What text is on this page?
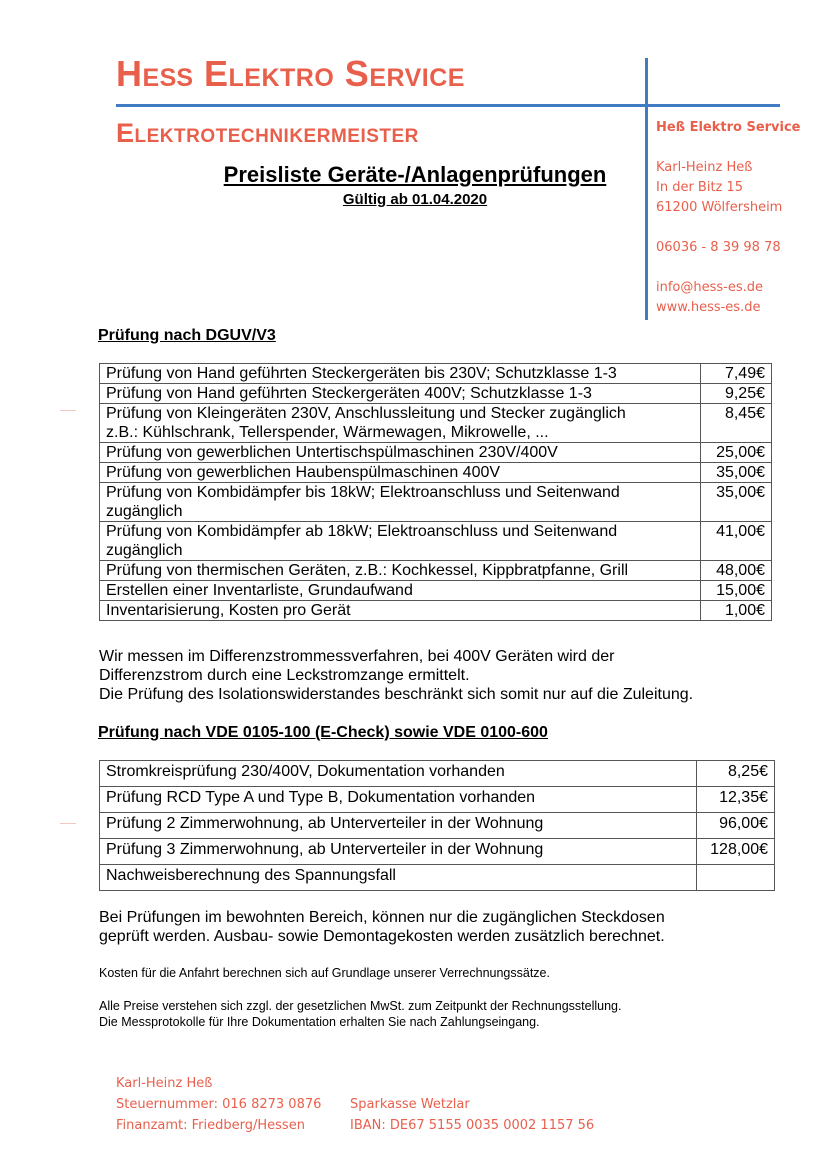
Heß Elektro Service
Elektrotechnikermeister	Heß Elektro Service
Karl-Heinz Heß
In der Bitz 15
61200 Wölfersheim
06036 - 8 39 98 78
info@hess-es.de
www.hess-es.de
Preisliste Geräte-/Anlagenprüfungen
Gültig ab 01.04.2020
Prüfung nach DGUV/V3
Prüfung von Hand geführten Steckergeräten bis 230V; Schutzklasse 1-3	7,49€
Prüfung von Hand geführten Steckergeräten 400V; Schutzklasse 1-3	9,25€

Prüfung von Kleingeräten 230V, Anschlussleitung und Stecker zugänglich
z.B.: Kühlschrank, Tellerspender, Wärmewagen, Mikrowelle, ...	8,45€
Prüfung von gewerblichen Untertischspülmaschinen 230V/400V	25,00€
Prüfung von gewerblichen Haubenspülmaschinen 400V	35,00€

Prüfung von Kombidämpfer bis 18kW; Elektroanschluss und Seitenwand
zugänglich	35,00€

Prüfung von Kombidämpfer ab 18kW; Elektroanschluss und Seitenwand
zugänglich	41,00€
Prüfung von thermischen Geräten, z.B.: Kochkessel, Kippbratpfanne, Grill	48,00€
Erstellen einer Inventarliste, Grundaufwand	15,00€
Inventarisierung, Kosten pro Gerät	1,00€
Wir messen im Differenzstrommessverfahren, bei 400V Geräten wird der
Differenzstrom durch eine Leckstromzange ermittelt.
Die Prüfung des Isolationswiderstandes beschränkt sich somit nur auf die Zuleitung.
Prüfung nach VDE 0105-100 (E-Check) sowie VDE 0100-600
Stromkreisprüfung 230/400V, Dokumentation vorhanden	8,25€
Prüfung RCD Type A und Type B, Dokumentation vorhanden	12,35€
Prüfung 2 Zimmerwohnung, ab Unterverteiler in der Wohnung	96,00€
Prüfung 3 Zimmerwohnung, ab Unterverteiler in der Wohnung	128,00€
Nachweisberechnung des Spannungsfall	
Bei Prüfungen im bewohnten Bereich, können nur die zugänglichen Steckdosen
geprüft werden. Ausbau- sowie Demontagekosten werden zusätzlich berechnet.
Kosten für die Anfahrt berechnen sich auf Grundlage unserer Verrechnungssätze.
Alle Preise verstehen sich zzgl. der gesetzlichen MwSt. zum Zeitpunkt der Rechnungsstellung.
Die Messprotokolle für Ihre Dokumentation erhalten Sie nach Zahlungseingang.
Karl-Heinz Heß
Steuernummer: 016 8273 0876
Finanzamt: Friedberg/Hessen
Sparkasse Wetzlar
IBAN: DE67 5155 0035 0002 1157 56
